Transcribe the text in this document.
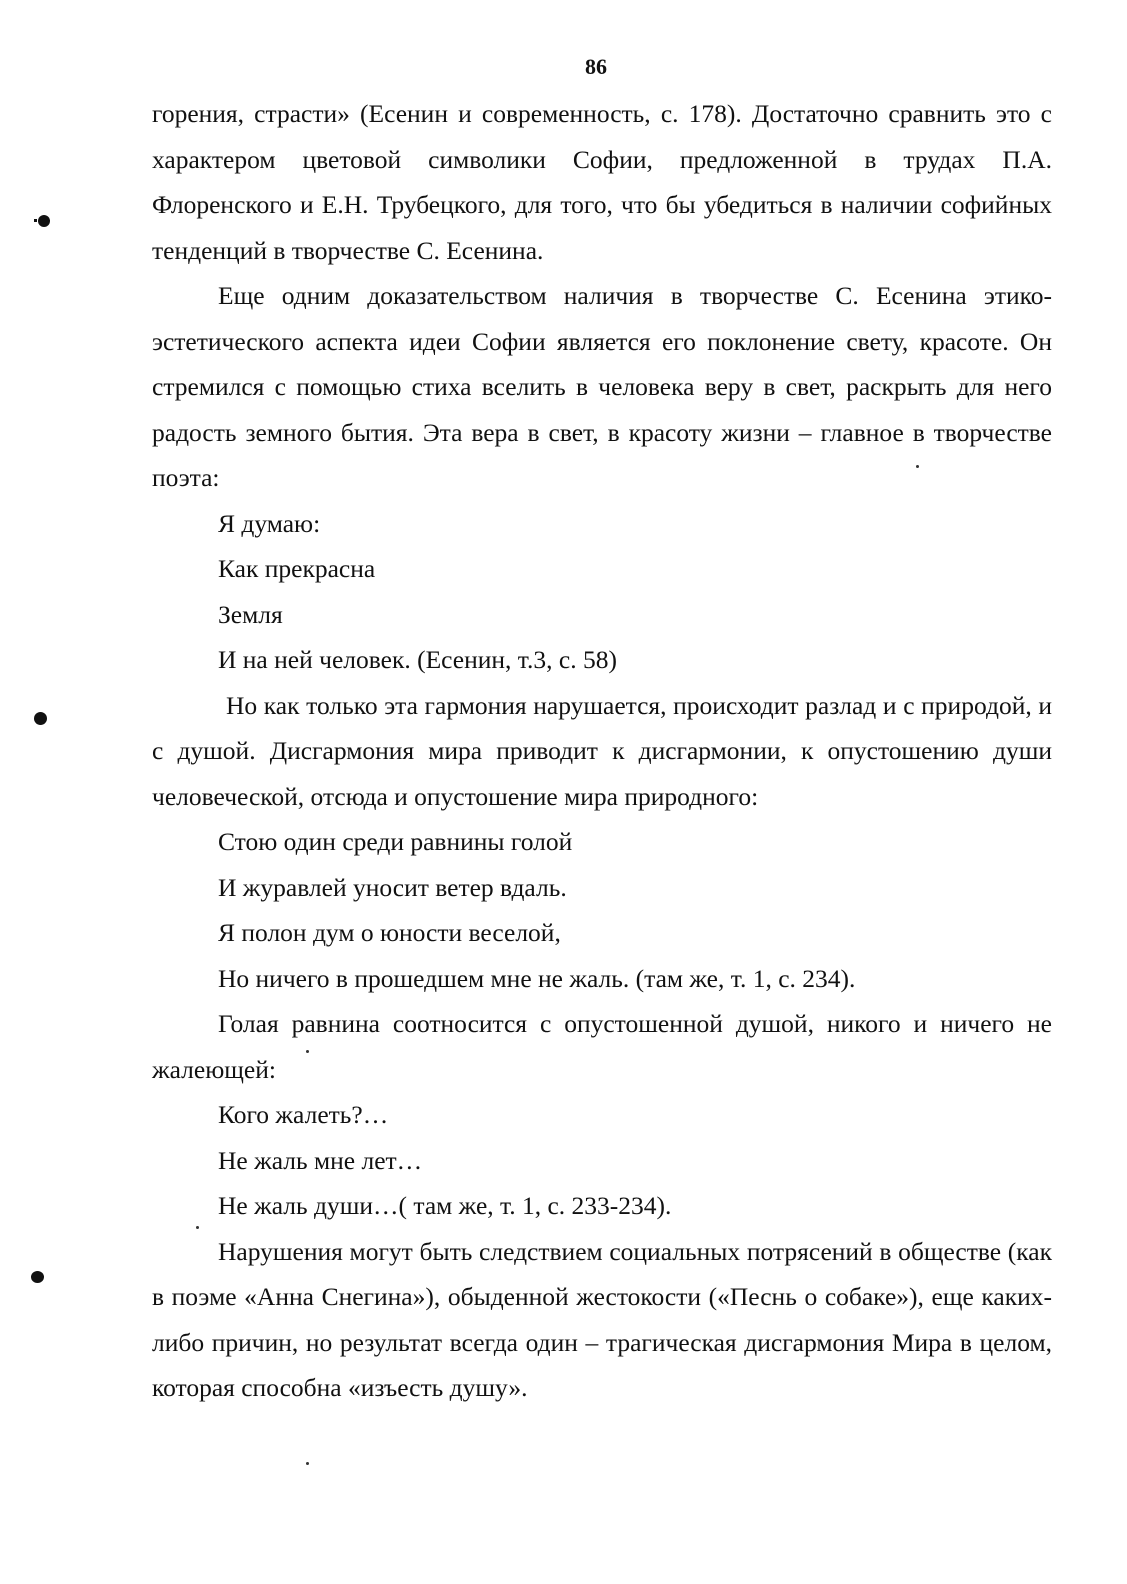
86

горения, страсти» (Есенин и современность, с. 178). Достаточно сравнить это с характером цветовой символики Софии, предложенной в трудах П.А. Флоренского и Е.Н. Трубецкого, для того, что бы убедиться в наличии софийных тенденций в творчестве С. Есенина.

Еще одним доказательством наличия в творчестве С. Есенина этико-эстетического аспекта идеи Софии является его поклонение свету, красоте. Он стремился с помощью стиха вселить в человека веру в свет, раскрыть для него радость земного бытия. Эта вера в свет, в красоту жизни – главное в творчестве поэта:

Я думаю:

Как прекрасна

Земля

И на ней человек. (Есенин, т.3, с. 58)

Но как только эта гармония нарушается, происходит разлад и с природой, и с душой. Дисгармония мира приводит к дисгармонии, к опустошению души человеческой, отсюда и опустошение мира природного:

Стою один среди равнины голой

И журавлей уносит ветер вдаль.

Я полон дум о юности веселой,

Но ничего в прошедшем мне не жаль. (там же, т. 1, с. 234).

Голая равнина соотносится с опустошенной душой, никого и ничего не жалеющей:

Кого жалеть?…

Не жаль мне лет…

Не жаль души…( там же, т. 1, с. 233-234).

Нарушения могут быть следствием социальных потрясений в обществе (как в поэме «Анна Снегина»), обыденной жестокости («Песнь о собаке»), еще каких-либо причин, но результат всегда один – трагическая дисгармония Мира в целом, которая способна «изъесть душу».
